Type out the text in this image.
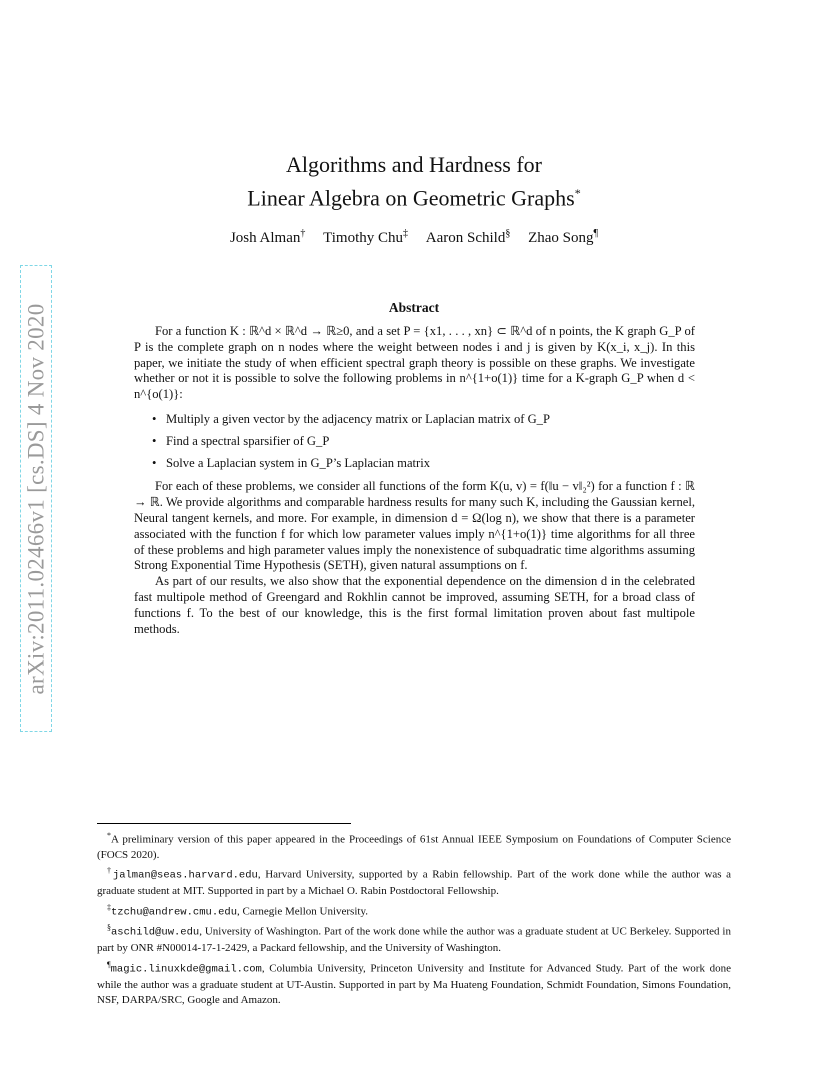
arXiv:2011.02466v1 [cs.DS] 4 Nov 2020
Algorithms and Hardness for
Linear Algebra on Geometric Graphs*
Josh Alman† Timothy Chu‡ Aaron Schild§ Zhao Song¶
Abstract

For a function K : ℝ^d × ℝ^d → ℝ≥0, and a set P = {x1, . . . , xn} ⊂ ℝ^d of n points, the K graph G_P of P is the complete graph on n nodes where the weight between nodes i and j is given by K(x_i, x_j). In this paper, we initiate the study of when efficient spectral graph theory is possible on these graphs. We investigate whether or not it is possible to solve the following problems in n^{1+o(1)} time for a K-graph G_P when d < n^{o(1)}:

• Multiply a given vector by the adjacency matrix or Laplacian matrix of G_P
• Find a spectral sparsifier of G_P
• Solve a Laplacian system in G_P’s Laplacian matrix

For each of these problems, we consider all functions of the form K(u, v) = f(‖u − v‖₂²) for a function f : ℝ → ℝ. We provide algorithms and comparable hardness results for many such K, including the Gaussian kernel, Neural tangent kernels, and more. For example, in dimension d = Ω(log n), we show that there is a parameter associated with the function f for which low parameter values imply n^{1+o(1)} time algorithms for all three of these problems and high parameter values imply the nonexistence of subquadratic time algorithms assuming Strong Exponential Time Hypothesis (SETH), given natural assumptions on f.

As part of our results, we also show that the exponential dependence on the dimension d in the celebrated fast multipole method of Greengard and Rokhlin cannot be improved, assuming SETH, for a broad class of functions f. To the best of our knowledge, this is the first formal limitation proven about fast multipole methods.

*A preliminary version of this paper appeared in the Proceedings of 61st Annual IEEE Symposium on Foundations of Computer Science (FOCS 2020).

†jalman@seas.harvard.edu, Harvard University, supported by a Rabin fellowship. Part of the work done while the author was a graduate student at MIT. Supported in part by a Michael O. Rabin Postdoctoral Fellowship.

‡tzchu@andrew.cmu.edu, Carnegie Mellon University.

§aschild@uw.edu, University of Washington. Part of the work done while the author was a graduate student at UC Berkeley. Supported in part by ONR #N00014-17-1-2429, a Packard fellowship, and the University of Washington.

¶magic.linuxkde@gmail.com, Columbia University, Princeton University and Institute for Advanced Study. Part of the work done while the author was a graduate student at UT-Austin. Supported in part by Ma Huateng Foundation, Schmidt Foundation, Simons Foundation, NSF, DARPA/SRC, Google and Amazon.
